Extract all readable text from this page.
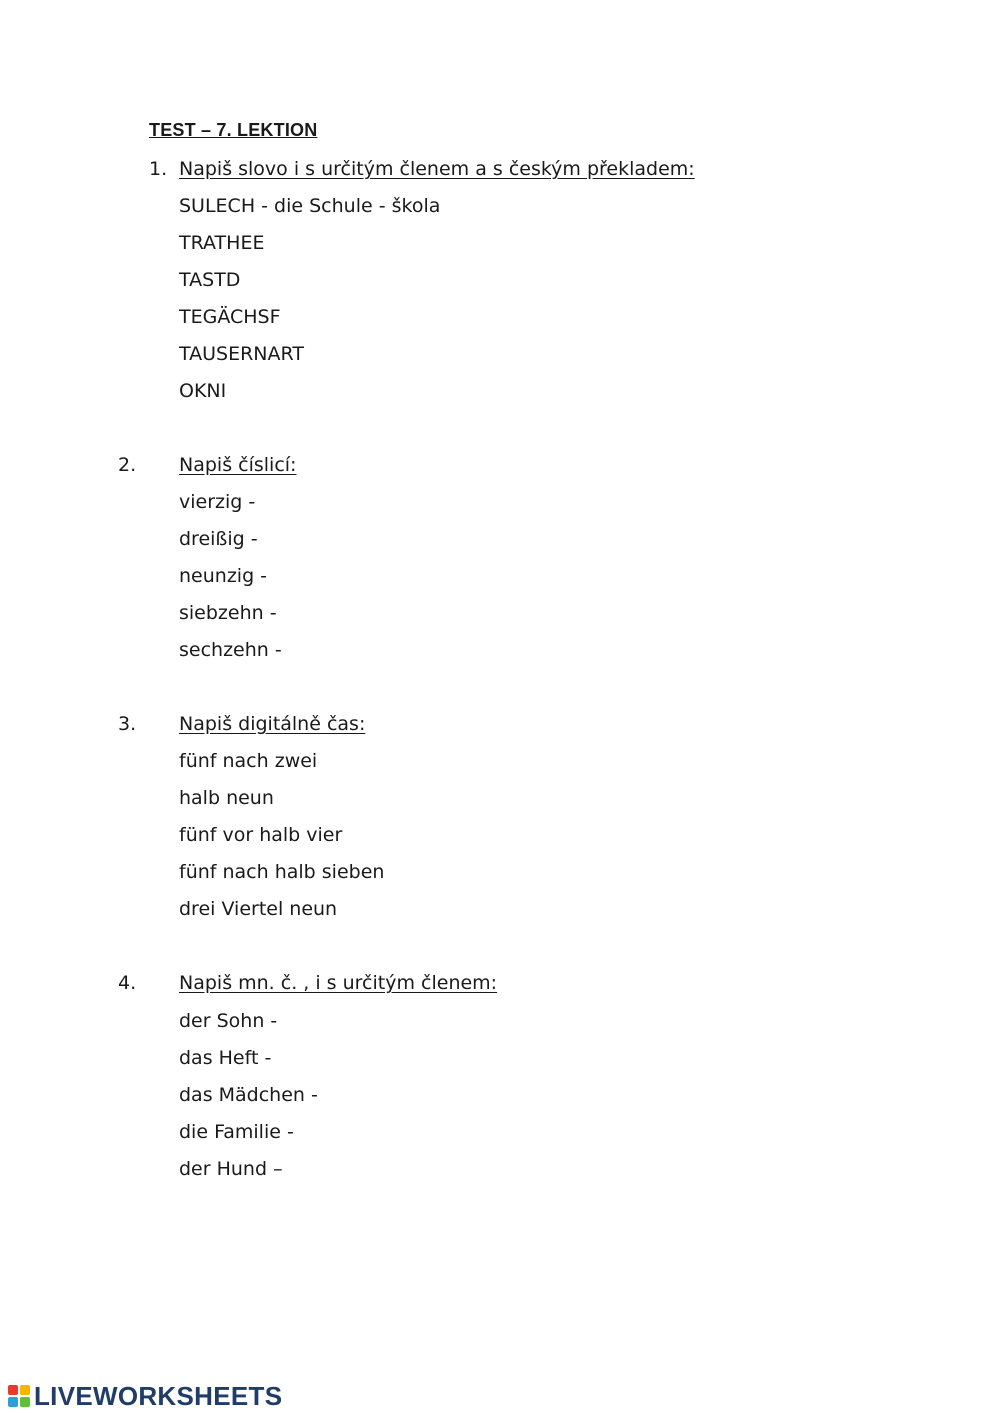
TEST – 7. LEKTION
1. Napiš slovo i s určitým členem a s českým překladem:
SULECH - die Schule - škola
TRATHEE
TASTD
TEGÄCHSF
TAUSERNART
OKNI
2. Napiš číslicí:
vierzig -
dreißig -
neunzig -
siebzehn -
sechzehn -
3. Napiš digitálně čas:
fünf nach zwei
halb neun
fünf vor halb vier
fünf nach halb sieben
drei Viertel neun
4. Napiš mn. č. , i s určitým členem:
der Sohn -
das Heft -
das Mädchen -
die Familie -
der Hund –
LIVEWORKSHEETS
